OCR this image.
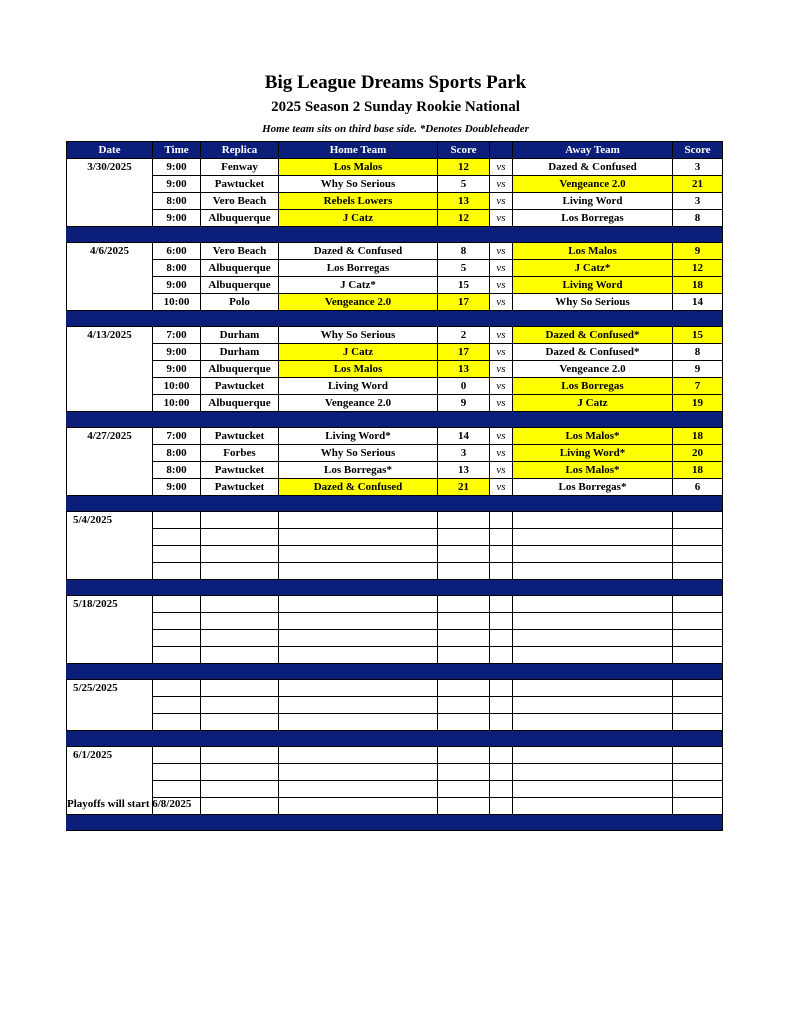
Big League Dreams Sports Park
2025 Season 2 Sunday Rookie National
Home team sits on third base side. *Denotes Doubleheader
Date	Time	Replica	Home Team	Score		Away Team	Score
3/30/2025	9:00	Fenway	Los Malos	12	vs	Dazed & Confused	3
	9:00	Pawtucket	Why So Serious	5	vs	Vengeance 2.0	21
	8:00	Vero Beach	Rebels Lowers	13	vs	Living Word	3
	9:00	Albuquerque	J Catz	12	vs	Los Borregas	8

4/6/2025	6:00	Vero Beach	Dazed & Confused	8	vs	Los Malos	9
	8:00	Albuquerque	Los Borregas	5	vs	J Catz*	12
	9:00	Albuquerque	J Catz*	15	vs	Living Word	18
	10:00	Polo	Vengeance 2.0	17	vs	Why So Serious	14

4/13/2025	7:00	Durham	Why So Serious	2	vs	Dazed & Confused*	15
	9:00	Durham	J Catz	17	vs	Dazed & Confused*	8
	9:00	Albuquerque	Los Malos	13	vs	Vengeance 2.0	9
	10:00	Pawtucket	Living Word	0	vs	Los Borregas	7
	10:00	Albuquerque	Vengeance 2.0	9	vs	J Catz	19

4/27/2025	7:00	Pawtucket	Living Word*	14	vs	Los Malos*	18
	8:00	Forbes	Why So Serious	3	vs	Living Word*	20
	8:00	Pawtucket	Los Borregas*	13	vs	Los Malos*	18
	9:00	Pawtucket	Dazed & Confused	21	vs	Los Borregas*	6

5/4/2025							

5/18/2025							

5/25/2025							

6/1/2025							

Playoffs will start 6/8/2025
